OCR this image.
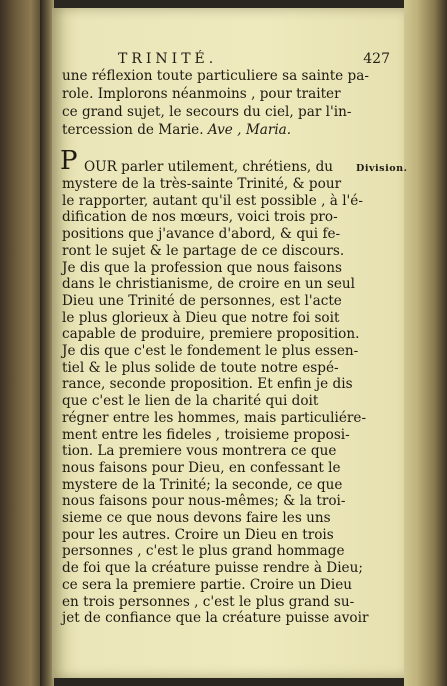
TRINITÉ.	427
une réflexion toute particuliere sa sainte pa-
role. Implorons néanmoins , pour traiter
ce grand sujet, le secours du ciel, par l'in-
tercession de Marie. Ave , Maria.
P OUR parler utilement, chrétiens, du	Division.
mystere de la très-sainte Trinité, & pour
le rapporter, autant qu'il est possible , à l'é-
dification de nos mœurs, voici trois pro-
positions que j'avance d'abord, & qui fe-
ront le sujet & le partage de ce discours.
Je dis que la profession que nous faisons
dans le christianisme, de croire en un seul
Dieu une Trinité de personnes, est l'acte
le plus glorieux à Dieu que notre foi soit
capable de produire, premiere proposition.
Je dis que c'est le fondement le plus essen-
tiel & le plus solide de toute notre espé-
rance, seconde proposition. Et enfin je dis
que c'est le lien de la charité qui doit
régner entre les hommes, mais particuliére-
ment entre les fideles , troisieme proposi-
tion. La premiere vous montrera ce que
nous faisons pour Dieu, en confessant le
mystere de la Trinité; la seconde, ce que
nous faisons pour nous-mêmes; & la troi-
sieme ce que nous devons faire les uns
pour les autres. Croire un Dieu en trois
personnes , c'est le plus grand hommage
de foi que la créature puisse rendre à Dieu;
ce sera la premiere partie. Croire un Dieu
en trois personnes , c'est le plus grand su-
jet de confiance que la créature puisse avoir
